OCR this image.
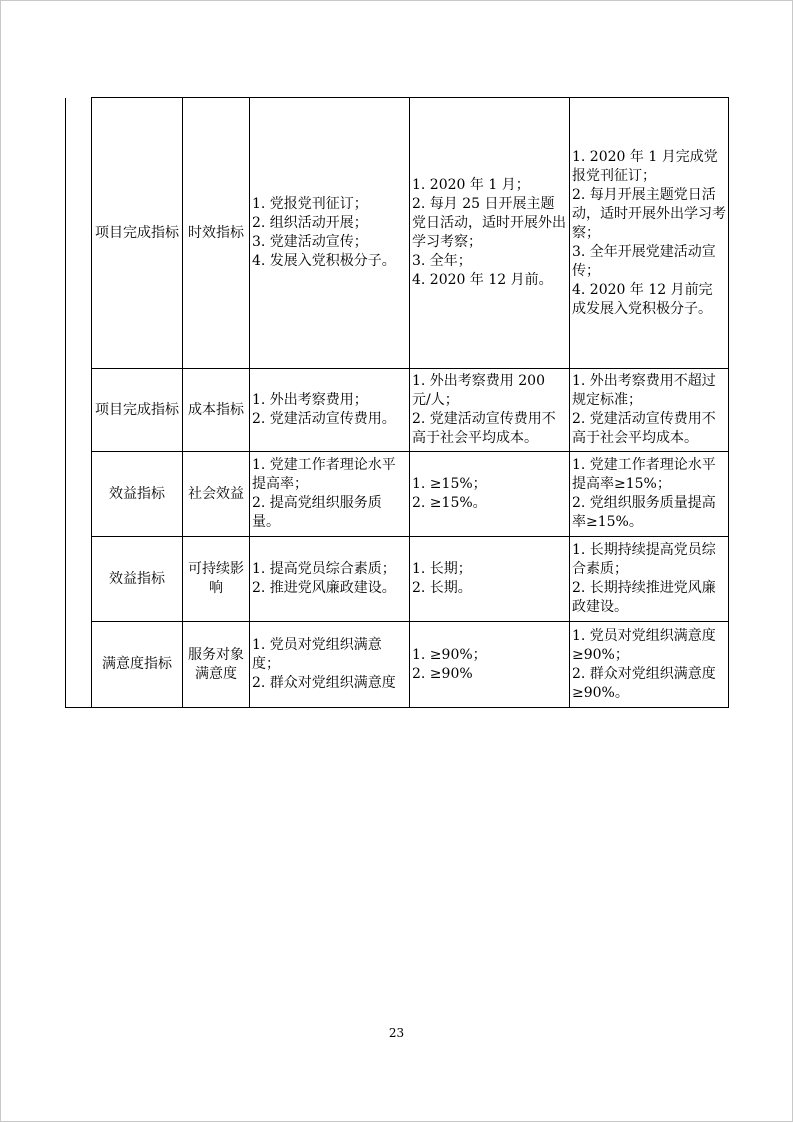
	项目完成指标	时效指标	1. 党报党刊征订；
2. 组织活动开展；
3. 党建活动宣传；
4. 发展入党积极分子。	1. 2020 年 1 月；
2. 每月 25 日开展主题党日活动，适时开展外出学习考察；
3. 全年；
4. 2020 年 12 月前。	1. 2020 年 1 月完成党报党刊征订；
2. 每月开展主题党日活动，适时开展外出学习考察；
3. 全年开展党建活动宣传；
4. 2020 年 12 月前完成发展入党积极分子。

	项目完成指标	成本指标	1. 外出考察费用；
2. 党建活动宣传费用。	1. 外出考察费用 200 元/人；
2. 党建活动宣传费用不高于社会平均成本。	1. 外出考察费用不超过规定标准；
2. 党建活动宣传费用不高于社会平均成本。

	效益指标	社会效益	1. 党建工作者理论水平提高率；
2. 提高党组织服务质量。	1. ≥15%；
2. ≥15%。	1. 党建工作者理论水平提高率≥15%；
2. 党组织服务质量提高率≥15%。

	效益指标	可持续影响	1. 提高党员综合素质；
2. 推进党风廉政建设。	1. 长期；
2. 长期。	1. 长期持续提高党员综合素质；
2. 长期持续推进党风廉政建设。

	满意度指标	服务对象满意度	1. 党员对党组织满意度；
2. 群众对党组织满意度	1. ≥90%；
2. ≥90%	1. 党员对党组织满意度≥90%；
2. 群众对党组织满意度≥90%。
23
